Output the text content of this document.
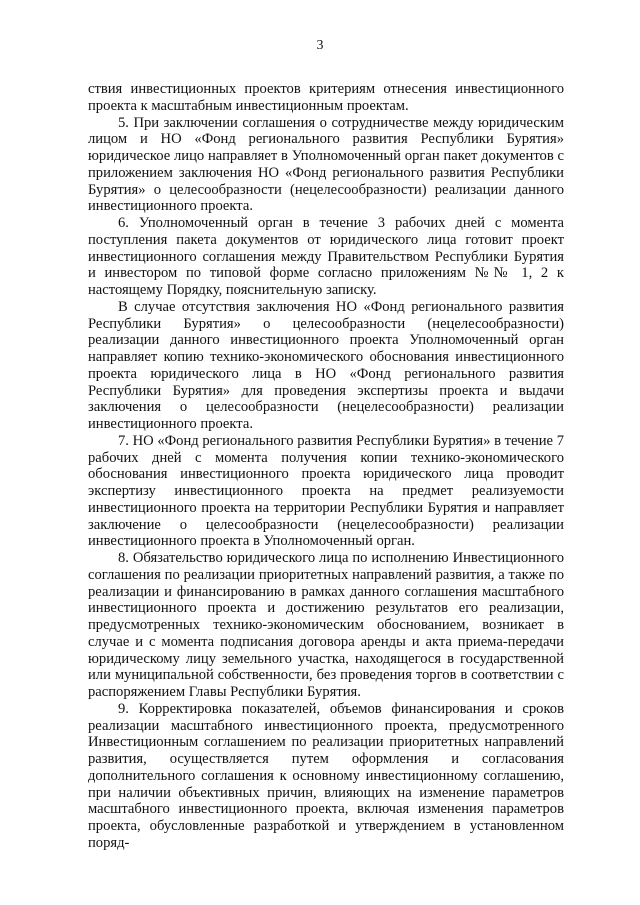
3

ствия инвестиционных проектов критериям отнесения инвестиционного проекта к масштабным инвестиционным проектам.

5. При заключении соглашения о сотрудничестве между юридическим лицом и НО «Фонд регионального развития Республики Бурятия» юридическое лицо направляет в Уполномоченный орган пакет документов с приложением заключения НО «Фонд регионального развития Республики Бурятия» о целесообразности (нецелесообразности) реализации данного инвестиционного проекта.

6. Уполномоченный орган в течение 3 рабочих дней с момента поступления пакета документов от юридического лица готовит проект инвестиционного соглашения между Правительством Республики Бурятия и инвестором по типовой форме согласно приложениям №№ 1, 2 к настоящему Порядку, пояснительную записку.

В случае отсутствия заключения НО «Фонд регионального развития Республики Бурятия» о целесообразности (нецелесообразности) реализации данного инвестиционного проекта Уполномоченный орган направляет копию технико-экономического обоснования инвестиционного проекта юридического лица в НО «Фонд регионального развития Республики Бурятия» для проведения экспертизы проекта и выдачи заключения о целесообразности (нецелесообразности) реализации инвестиционного проекта.

7. НО «Фонд регионального развития Республики Бурятия» в течение 7 рабочих дней с момента получения копии технико-экономического обоснования инвестиционного проекта юридического лица проводит экспертизу инвестиционного проекта на предмет реализуемости инвестиционного проекта на территории Республики Бурятия и направляет заключение о целесообразности (нецелесообразности) реализации инвестиционного проекта в Уполномоченный орган.

8. Обязательство юридического лица по исполнению Инвестиционного соглашения по реализации приоритетных направлений развития, а также по реализации и финансированию в рамках данного соглашения масштабного инвестиционного проекта и достижению результатов его реализации, предусмотренных технико-экономическим обоснованием, возникает в случае и с момента подписания договора аренды и акта приема-передачи юридическому лицу земельного участка, находящегося в государственной или муниципальной собственности, без проведения торгов в соответствии с распоряжением Главы Республики Бурятия.

9. Корректировка показателей, объемов финансирования и сроков реализации масштабного инвестиционного проекта, предусмотренного Инвестиционным соглашением по реализации приоритетных направлений развития, осуществляется путем оформления и согласования дополнительного соглашения к основному инвестиционному соглашению, при наличии объективных причин, влияющих на изменение параметров масштабного инвестиционного проекта, включая изменения параметров проекта, обусловленные разработкой и утверждением в установленном поряд-
